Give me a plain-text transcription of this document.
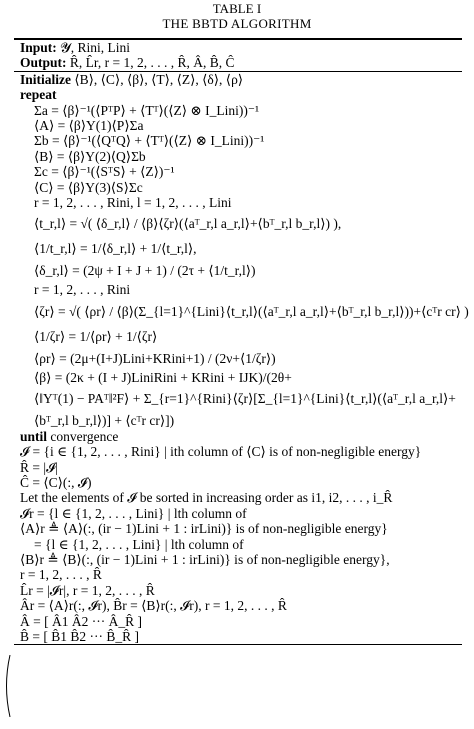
TABLE I
THE BBTD ALGORITHM
Input: 𝓨, Rini, Lini
Output: R̂, L̂r, r = 1, 2, . . . , R̂, Â, B̂, Ĉ
Initialize ⟨B⟩, ⟨C⟩, ⟨β⟩, ⟨T⟩, ⟨Z⟩, ⟨δ⟩, ⟨ρ⟩
repeat
Σa = ⟨β⟩⁻¹(⟨PᵀP⟩ + ⟨Tᵀ⟩(⟨Z⟩ ⊗ I_Lini))⁻¹
⟨A⟩ = ⟨β⟩Y(1)⟨P⟩Σa
Σb = ⟨β⟩⁻¹(⟨QᵀQ⟩ + ⟨Tᵀ⟩(⟨Z⟩ ⊗ I_Lini))⁻¹
⟨B⟩ = ⟨β⟩Y(2)⟨Q⟩Σb
Σc = ⟨β⟩⁻¹(⟨SᵀS⟩ + ⟨Z⟩)⁻¹
⟨C⟩ = ⟨β⟩Y(3)⟨S⟩Σc
r = 1, 2, . . . , Rini, l = 1, 2, . . . , Lini
⟨t_r,l⟩ = √( ⟨δ_r,l⟩ / ⟨β⟩⟨ζr⟩(⟨aᵀ_r,l a_r,l⟩+⟨bᵀ_r,l b_r,l⟩) ),
⟨1/t_r,l⟩ = 1/⟨δ_r,l⟩ + 1/⟨t_r,l⟩,
⟨δ_r,l⟩ = (2ψ + I + J + 1) / (2τ + ⟨1/t_r,l⟩)
r = 1, 2, . . . , Rini
⟨ζr⟩ = √( ⟨ρr⟩ / ⟨β⟩(Σ_{l=1}^{Lini}⟨t_r,l⟩(⟨aᵀ_r,l a_r,l⟩+⟨bᵀ_r,l b_r,l⟩))+⟨cᵀr cr⟩ )
⟨1/ζr⟩ = 1/⟨ρr⟩ + 1/⟨ζr⟩
⟨ρr⟩ = (2μ+(I+J)Lini+KRini+1) / (2ν+⟨1/ζr⟩)
⟨β⟩ = (2κ + (I + J)LiniRini + KRini + IJK)/(2θ+
⟨‖Yᵀ(1) − PAᵀ‖²F⟩ + Σ_{r=1}^{Rini}⟨ζr⟩[Σ_{l=1}^{Lini}⟨t_r,l⟩(⟨aᵀ_r,l a_r,l⟩+
⟨bᵀ_r,l b_r,l⟩)] + ⟨cᵀr cr⟩])
until convergence
𝓘 = {i ∈ {1, 2, . . . , Rini} | ith column of ⟨C⟩ is of non-negligible energy}
R̂ = |𝓘|
Ĉ = ⟨C⟩(:, 𝓘)
Let the elements of 𝓘 be sorted in increasing order as i1, i2, . . . , i_R̂
𝓘r = {l ∈ {1, 2, . . . , Lini} | lth column of
⟨A⟩r ≜ ⟨A⟩(:, (ir − 1)Lini + 1 : irLini)} is of non-negligible energy}
= {l ∈ {1, 2, . . . , Lini} | lth column of
⟨B⟩r ≜ ⟨B⟩(:, (ir − 1)Lini + 1 : irLini)} is of non-negligible energy},
r = 1, 2, . . . , R̂
L̂r = |𝓘r|, r = 1, 2, . . . , R̂
Âr = ⟨A⟩r(:, 𝓘r), B̂r = ⟨B⟩r(:, 𝓘r), r = 1, 2, . . . , R̂
Â = [ Â1 Â2 ··· Â_R̂ ]
B̂ = [ B̂1 B̂2 ··· B̂_R̂ ]
